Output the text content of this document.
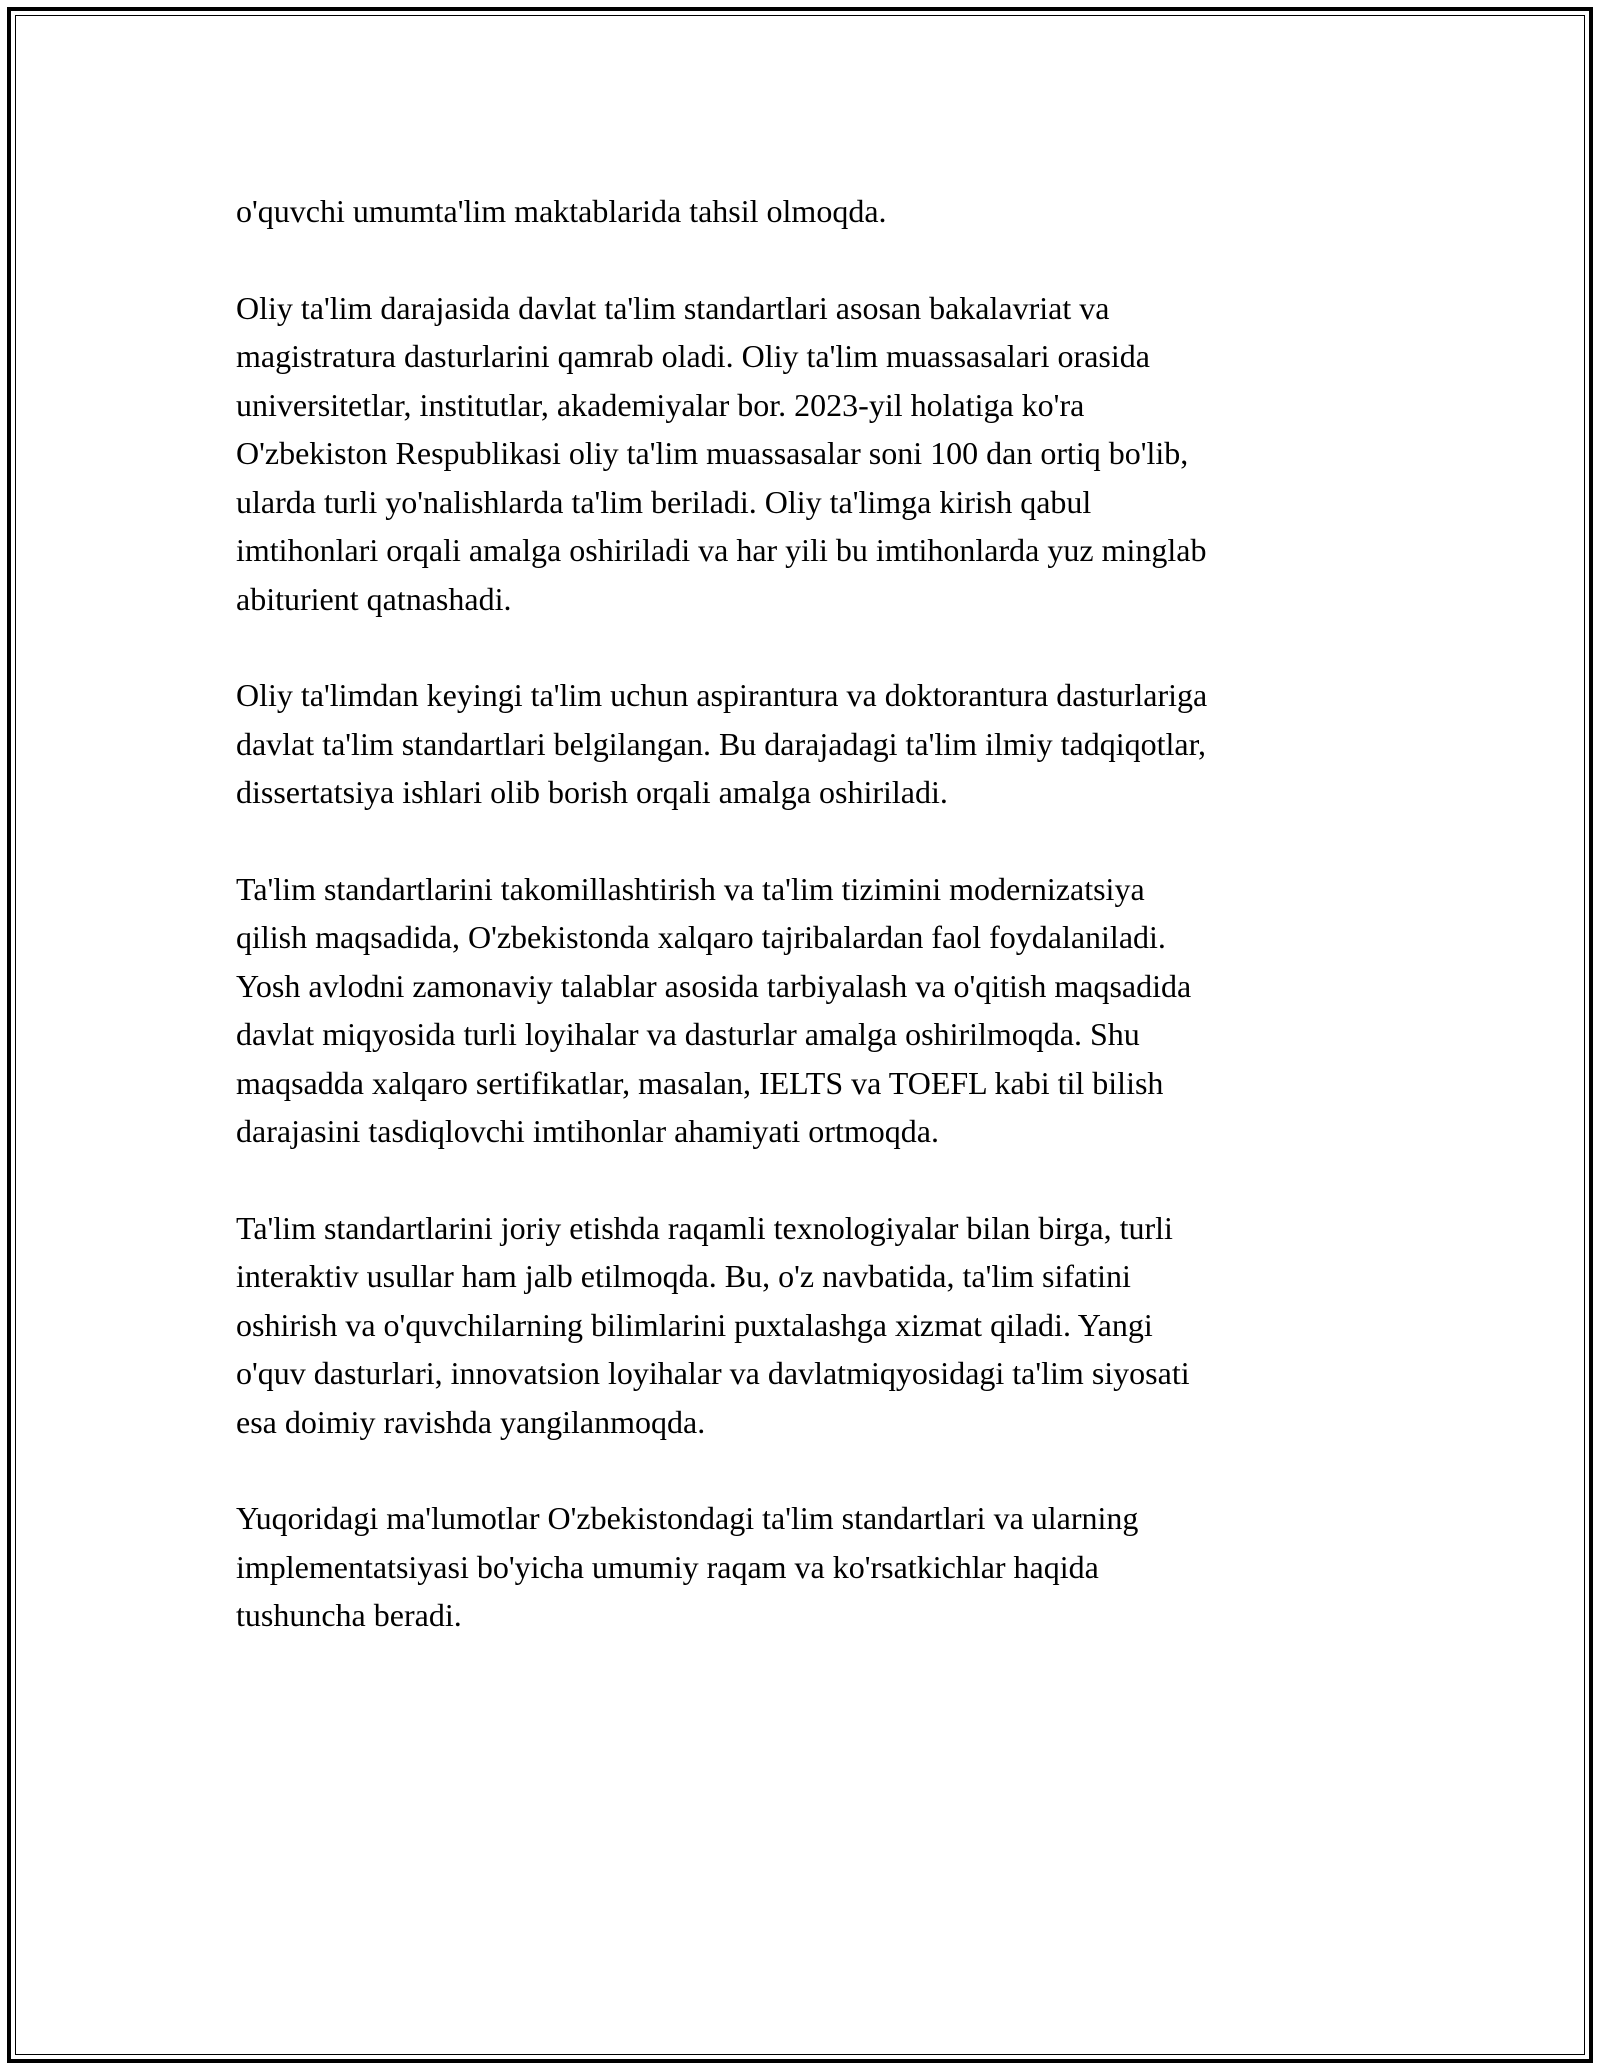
o'quvchi umumta'lim maktablarida tahsil olmoqda.

Oliy ta'lim darajasida davlat ta'lim standartlari asosan bakalavriat va
magistratura dasturlarini qamrab oladi. Oliy ta'lim muassasalari orasida
universitetlar, institutlar, akademiyalar bor. 2023-yil holatiga ko'ra
O'zbekiston Respublikasi oliy ta'lim muassasalar soni 100 dan ortiq bo'lib,
ularda turli yo'nalishlarda ta'lim beriladi. Oliy ta'limga kirish qabul
imtihonlari orqali amalga oshiriladi va har yili bu imtihonlarda yuz minglab
abiturient qatnashadi.

Oliy ta'limdan keyingi ta'lim uchun aspirantura va doktorantura dasturlariga
davlat ta'lim standartlari belgilangan. Bu darajadagi ta'lim ilmiy tadqiqotlar,
dissertatsiya ishlari olib borish orqali amalga oshiriladi.

Ta'lim standartlarini takomillashtirish va ta'lim tizimini modernizatsiya
qilish maqsadida, O'zbekistonda xalqaro tajribalardan faol foydalaniladi.
Yosh avlodni zamonaviy talablar asosida tarbiyalash va o'qitish maqsadida
davlat miqyosida turli loyihalar va dasturlar amalga oshirilmoqda. Shu
maqsadda xalqaro sertifikatlar, masalan, IELTS va TOEFL kabi til bilish
darajasini tasdiqlovchi imtihonlar ahamiyati ortmoqda.

Ta'lim standartlarini joriy etishda raqamli texnologiyalar bilan birga, turli
interaktiv usullar ham jalb etilmoqda. Bu, o'z navbatida, ta'lim sifatini
oshirish va o'quvchilarning bilimlarini puxtalashga xizmat qiladi. Yangi
o'quv dasturlari, innovatsion loyihalar va davlatmiqyosidagi ta'lim siyosati
esa doimiy ravishda yangilanmoqda.

Yuqoridagi ma'lumotlar O'zbekistondagi ta'lim standartlari va ularning
implementatsiyasi bo'yicha umumiy raqam va ko'rsatkichlar haqida
tushuncha beradi.
